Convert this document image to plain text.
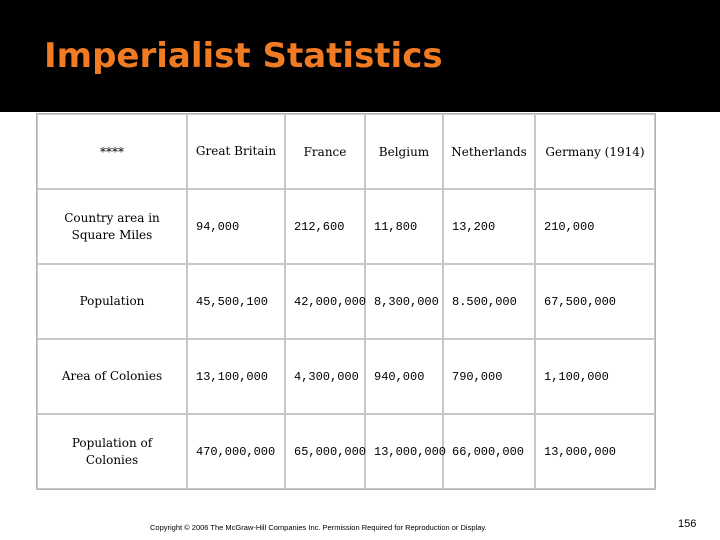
Imperialist Statistics
****	Great Britain	France	Belgium	Netherlands	Germany (1914)
Country area in Square Miles	94,000	212,600	11,800	13,200	210,000
Population	45,500,100	42,000,000	8,300,000	8.500,000	67,500,000
Area of Colonies	13,100,000	4,300,000	940,000	790,000	1,100,000
Population of Colonies	470,000,000	65,000,000	13,000,000	66,000,000	13,000,000
Copyright © 2006 The McGraw-Hill Companies Inc. Permission Required for Reproduction or Display.	156
